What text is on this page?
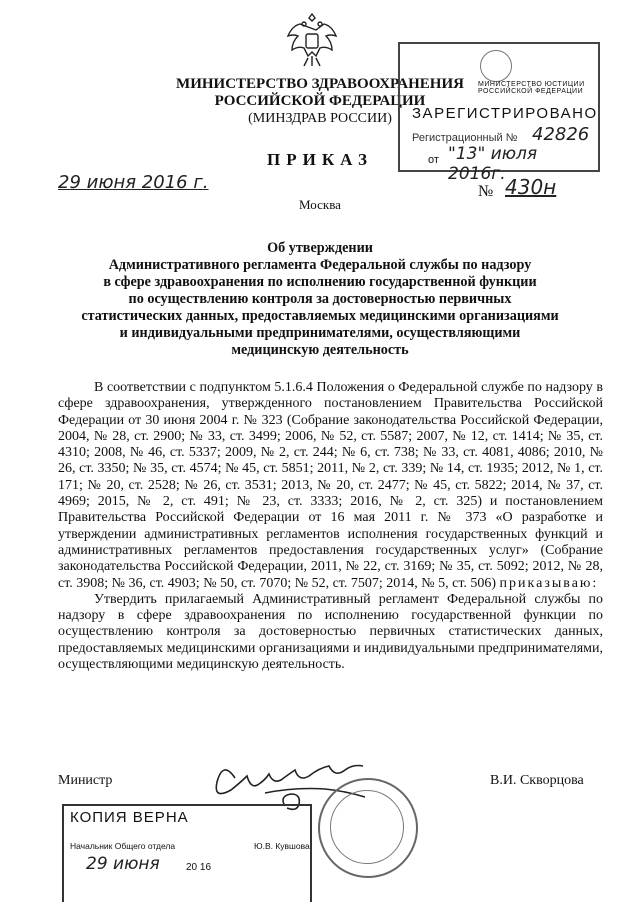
МИНИСТЕРСТВО ЗДРАВООХРАНЕНИЯ
РОССИЙСКОЙ ФЕДЕРАЦИИ
(МИНЗДРАВ РОССИИ)
МИНИСТЕРСТВО ЮСТИЦИИ РОССИЙСКОЙ ФЕДЕРАЦИИ
ЗАРЕГИСТРИРОВАНО
Регистрационный № 42826
от "13" июля 2016г.
ПРИКАЗ
29 июня 2016 г.
Москва
№ 430н
Об утверждении
Административного регламента Федеральной службы по надзору
в сфере здравоохранения по исполнению государственной функции
по осуществлению контроля за достоверностью первичных
статистических данных, предоставляемых медицинскими организациями
и индивидуальными предпринимателями, осуществляющими
медицинскую деятельность

В соответствии с подпунктом 5.1.6.4 Положения о Федеральной службе по надзору в сфере здравоохранения, утвержденного постановлением Правительства Российской Федерации от 30 июня 2004 г. № 323 (Собрание законодательства Российской Федерации, 2004, № 28, ст. 2900; № 33, ст. 3499; 2006, № 52, ст. 5587; 2007, № 12, ст. 1414; № 35, ст. 4310; 2008, № 46, ст. 5337; 2009, № 2, ст. 244; № 6, ст. 738; № 33, ст. 4081, 4086; 2010, № 26, ст. 3350; № 35, ст. 4574; № 45, ст. 5851; 2011, № 2, ст. 339; № 14, ст. 1935; 2012, № 1, ст. 171; № 20, ст. 2528; № 26, ст. 3531; 2013, № 20, ст. 2477; № 45, ст. 5822; 2014, № 37, ст. 4969; 2015, № 2, ст. 491; № 23, ст. 3333; 2016, № 2, ст. 325) и постановлением Правительства Российской Федерации от 16 мая 2011 г. № 373 «О разработке и утверждении административных регламентов исполнения государственных функций и административных регламентов предоставления государственных услуг» (Собрание законодательства Российской Федерации, 2011, № 22, ст. 3169; № 35, ст. 5092; 2012, № 28, ст. 3908; № 36, ст. 4903; № 50, ст. 7070; № 52, ст. 7507; 2014, № 5, ст. 506) приказываю:

Утвердить прилагаемый Административный регламент Федеральной службы по надзору в сфере здравоохранения по исполнению государственной функции по осуществлению контроля за достоверностью первичных статистических данных, предоставляемых медицинскими организациями и индивидуальными предпринимателями, осуществляющими медицинскую деятельность.

Министр	В.И. Скворцова
КОПИЯ ВЕРНА
Начальник Общего отдела	Ю.В. Кувшова
29 июня	20 16
